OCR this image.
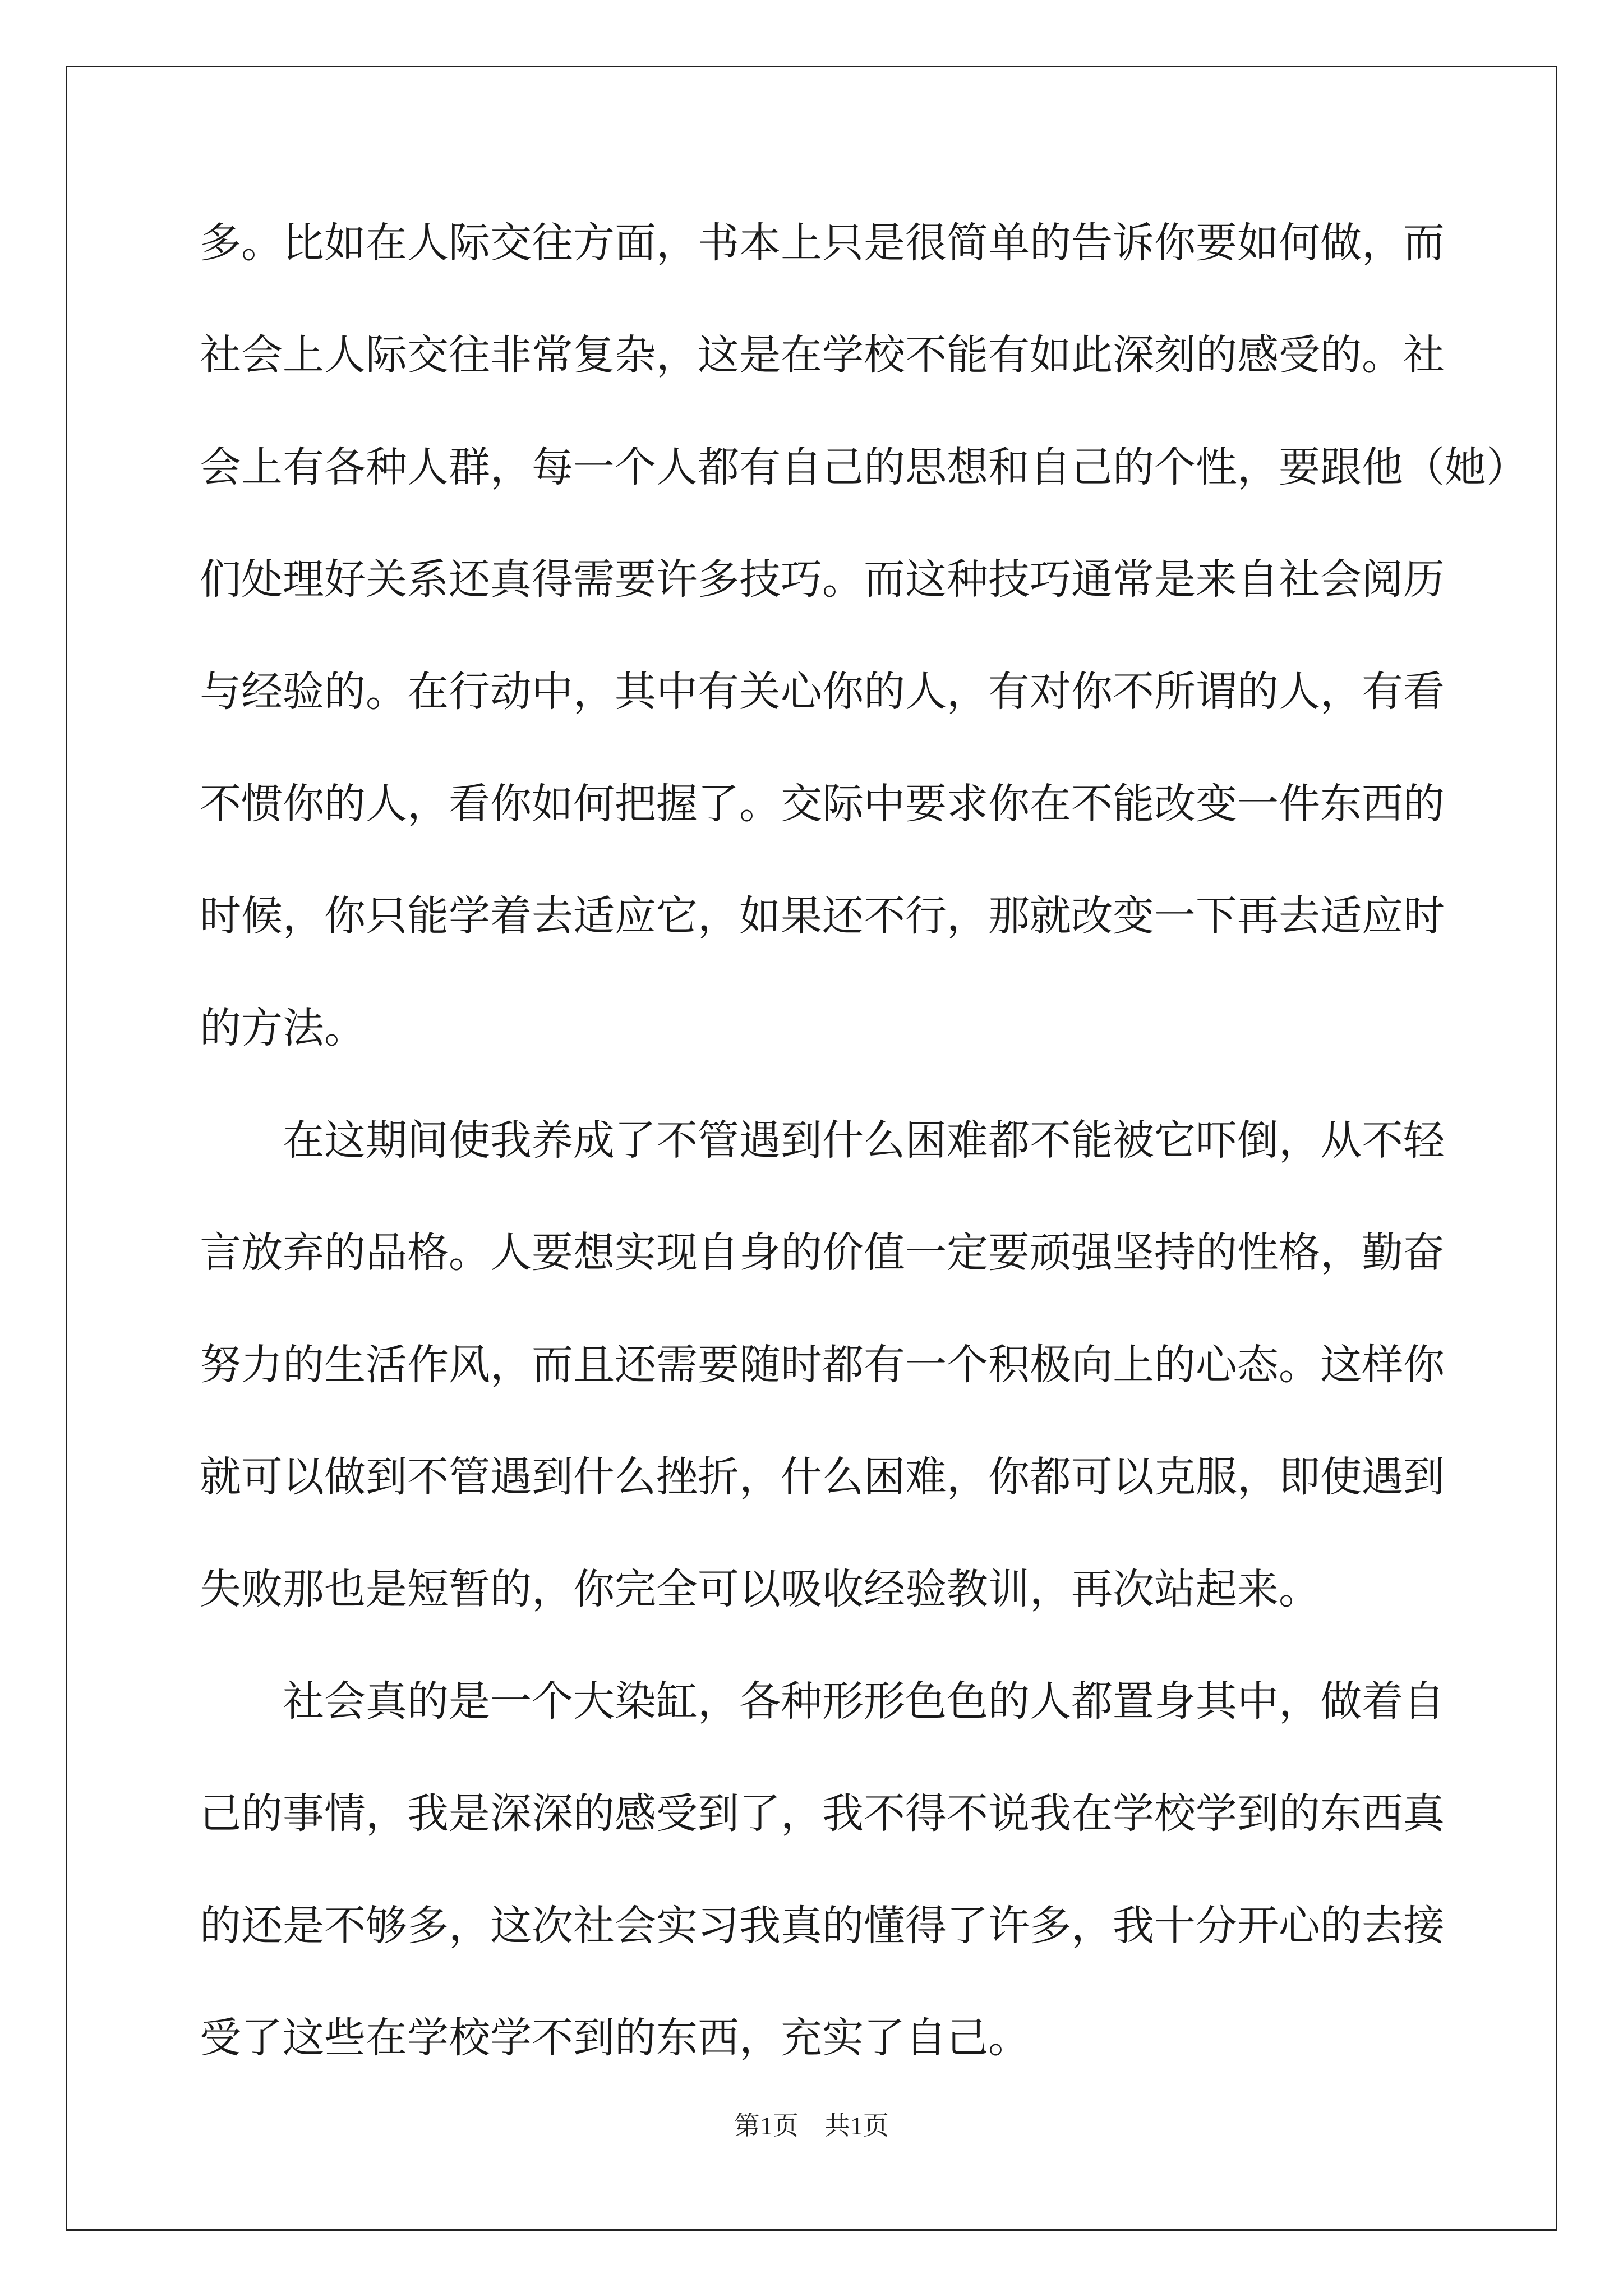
多。比如在人际交往方面，书本上只是很简单的告诉你要如何做，而
社会上人际交往非常复杂，这是在学校不能有如此深刻的感受的。社
会上有各种人群，每一个人都有自己的思想和自己的个性，要跟他（她）
们处理好关系还真得需要许多技巧。而这种技巧通常是来自社会阅历
与经验的。在行动中，其中有关心你的人，有对你不所谓的人，有看
不惯你的人，看你如何把握了。交际中要求你在不能改变一件东西的
时候，你只能学着去适应它，如果还不行，那就改变一下再去适应时
的方法。
在这期间使我养成了不管遇到什么困难都不能被它吓倒，从不轻
言放弃的品格。人要想实现自身的价值一定要顽强坚持的性格，勤奋
努力的生活作风，而且还需要随时都有一个积极向上的心态。这样你
就可以做到不管遇到什么挫折，什么困难，你都可以克服，即使遇到
失败那也是短暂的，你完全可以吸收经验教训，再次站起来。
社会真的是一个大染缸，各种形形色色的人都置身其中，做着自
己的事情，我是深深的感受到了，我不得不说我在学校学到的东西真
的还是不够多，这次社会实习我真的懂得了许多，我十分开心的去接
受了这些在学校学不到的东西，充实了自己。
第1页　共1页
